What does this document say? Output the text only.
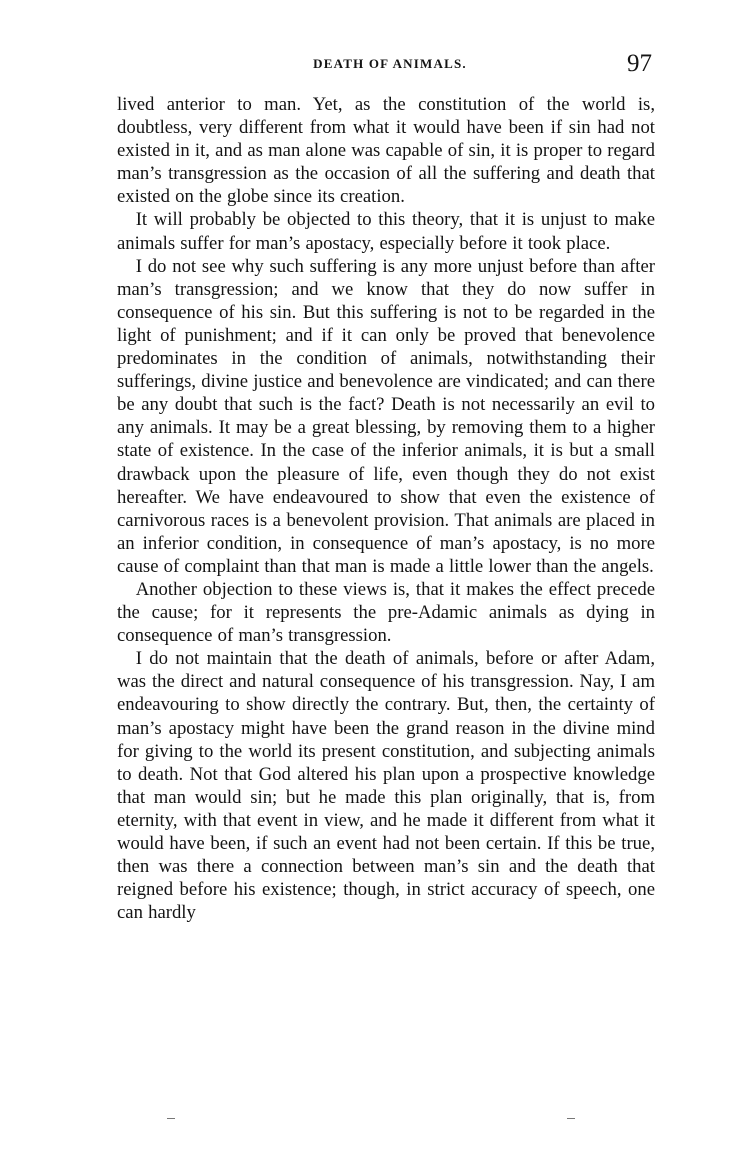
DEATH OF ANIMALS.	97

lived anterior to man. Yet, as the constitution of the world is, doubtless, very different from what it would have been if sin had not existed in it, and as man alone was capable of sin, it is proper to regard man’s transgression as the occasion of all the suffering and death that existed on the globe since its creation.

It will probably be objected to this theory, that it is unjust to make animals suffer for man’s apostacy, especially before it took place.

I do not see why such suffering is any more unjust before than after man’s transgression; and we know that they do now suffer in consequence of his sin. But this suffering is not to be regarded in the light of punishment; and if it can only be proved that benevolence predominates in the condition of animals, notwithstanding their sufferings, divine justice and benevolence are vindicated; and can there be any doubt that such is the fact? Death is not necessarily an evil to any animals. It may be a great blessing, by removing them to a higher state of existence. In the case of the inferior animals, it is but a small drawback upon the pleasure of life, even though they do not exist hereafter. We have endeavoured to show that even the existence of carnivorous races is a benevolent provision. That animals are placed in an inferior condition, in consequence of man’s apostacy, is no more cause of complaint than that man is made a little lower than the angels.

Another objection to these views is, that it makes the effect precede the cause; for it represents the pre-Adamic animals as dying in consequence of man’s transgression.

I do not maintain that the death of animals, before or after Adam, was the direct and natural consequence of his transgression. Nay, I am endeavouring to show directly the contrary. But, then, the certainty of man’s apostacy might have been the grand reason in the divine mind for giving to the world its present constitution, and subjecting animals to death. Not that God altered his plan upon a prospective knowledge that man would sin; but he made this plan originally, that is, from eternity, with that event in view, and he made it different from what it would have been, if such an event had not been certain. If this be true, then was there a connection between man’s sin and the death that reigned before his existence; though, in strict accuracy of speech, one can hardly
